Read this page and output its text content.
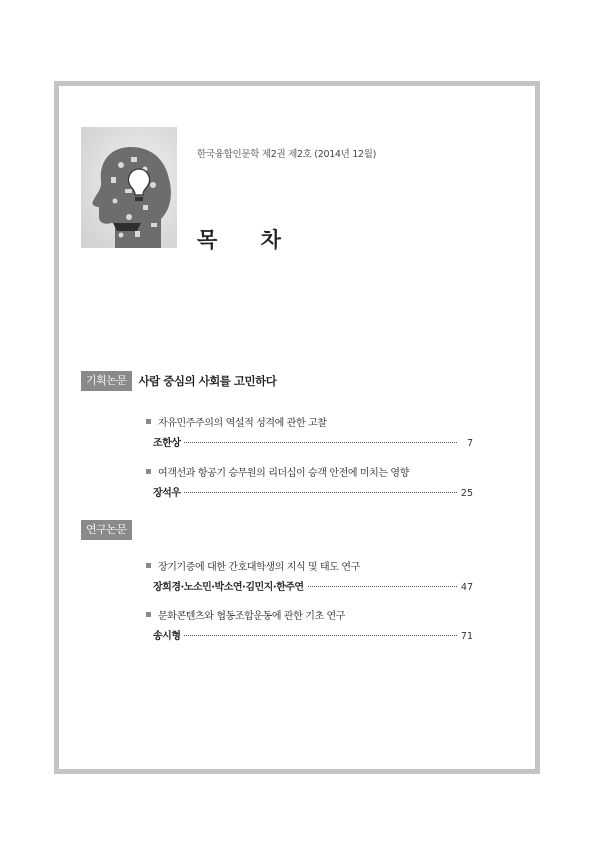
한국융합인문학 제2권 제2호 (2014년 12월)
목 차
기획논문	사람 중심의 사회를 고민하다
자유민주주의의 역설적 성격에 관한 고찰
조한상	7
여객선과 항공기 승무원의 리더십이 승객 안전에 미치는 영향
장석우	25
연구논문
장기기증에 대한 간호대학생의 지식 및 태도 연구
장희경·노소민·박소연·김민지·한주연	47
문화콘텐츠와 협동조합운동에 관한 기초 연구
송시형	71
